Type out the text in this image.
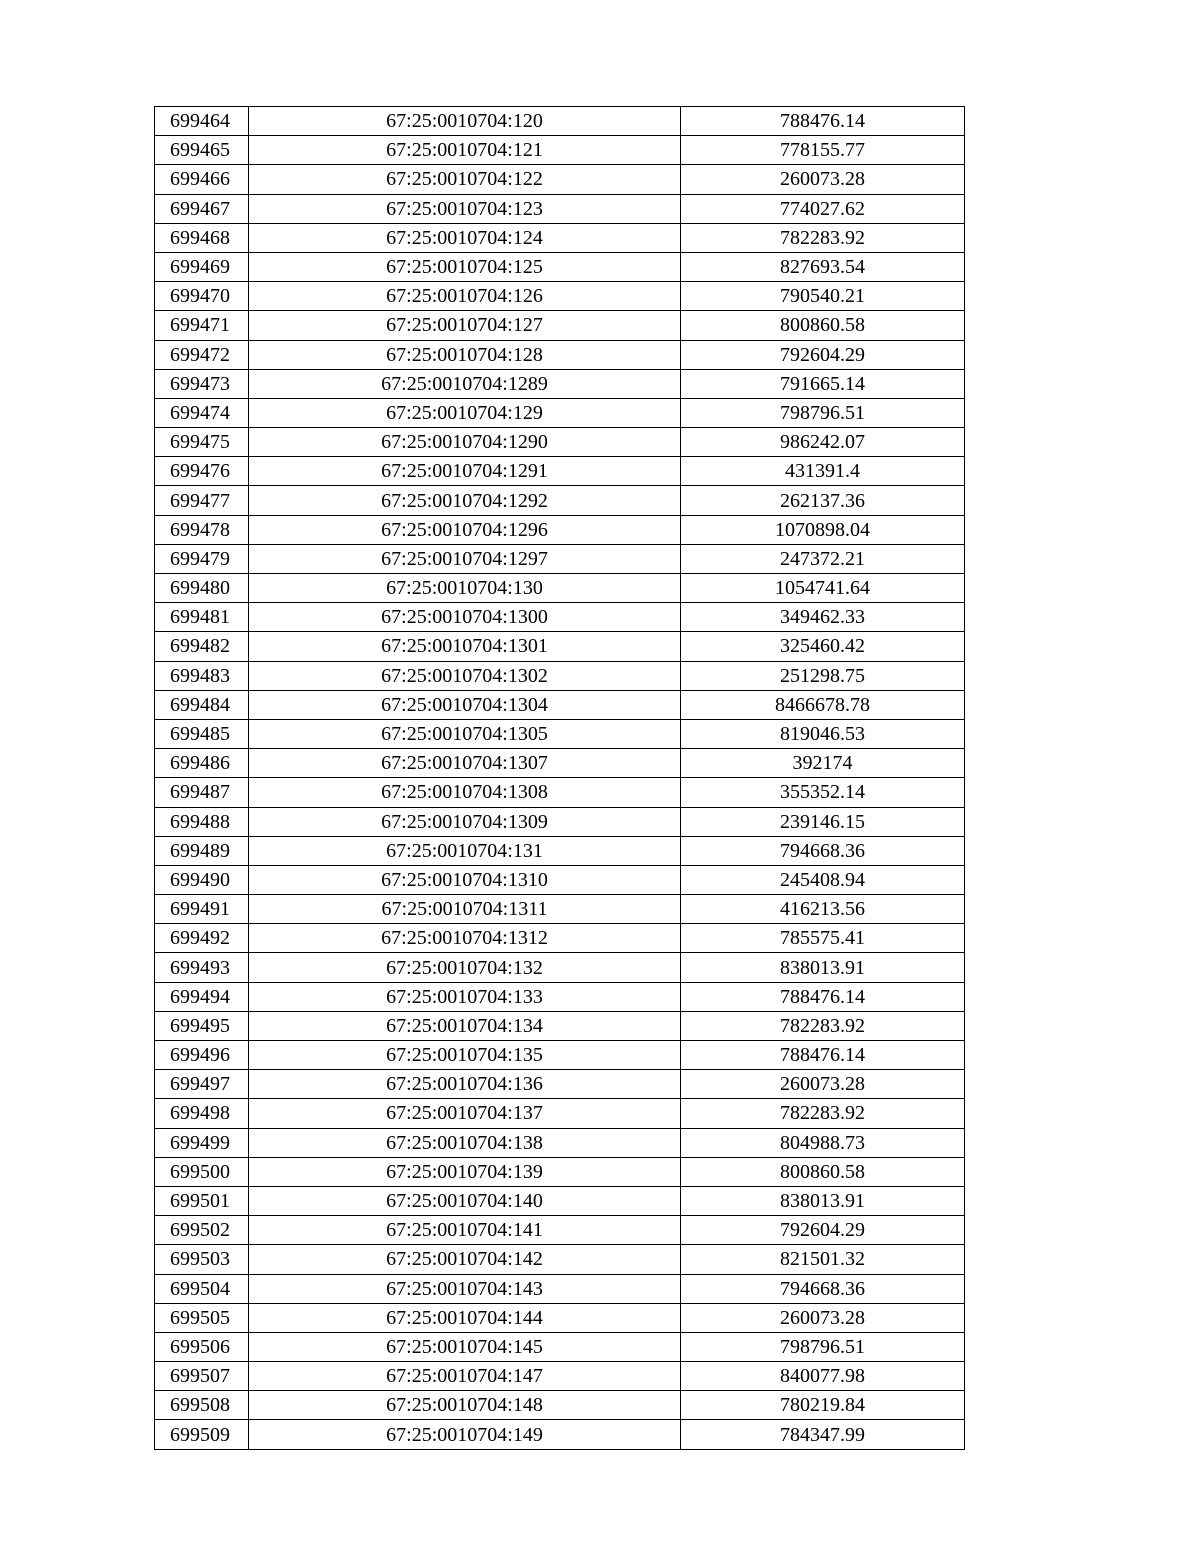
699464	67:25:0010704:120	788476.14
699465	67:25:0010704:121	778155.77
699466	67:25:0010704:122	260073.28
699467	67:25:0010704:123	774027.62
699468	67:25:0010704:124	782283.92
699469	67:25:0010704:125	827693.54
699470	67:25:0010704:126	790540.21
699471	67:25:0010704:127	800860.58
699472	67:25:0010704:128	792604.29
699473	67:25:0010704:1289	791665.14
699474	67:25:0010704:129	798796.51
699475	67:25:0010704:1290	986242.07
699476	67:25:0010704:1291	431391.4
699477	67:25:0010704:1292	262137.36
699478	67:25:0010704:1296	1070898.04
699479	67:25:0010704:1297	247372.21
699480	67:25:0010704:130	1054741.64
699481	67:25:0010704:1300	349462.33
699482	67:25:0010704:1301	325460.42
699483	67:25:0010704:1302	251298.75
699484	67:25:0010704:1304	8466678.78
699485	67:25:0010704:1305	819046.53
699486	67:25:0010704:1307	392174
699487	67:25:0010704:1308	355352.14
699488	67:25:0010704:1309	239146.15
699489	67:25:0010704:131	794668.36
699490	67:25:0010704:1310	245408.94
699491	67:25:0010704:1311	416213.56
699492	67:25:0010704:1312	785575.41
699493	67:25:0010704:132	838013.91
699494	67:25:0010704:133	788476.14
699495	67:25:0010704:134	782283.92
699496	67:25:0010704:135	788476.14
699497	67:25:0010704:136	260073.28
699498	67:25:0010704:137	782283.92
699499	67:25:0010704:138	804988.73
699500	67:25:0010704:139	800860.58
699501	67:25:0010704:140	838013.91
699502	67:25:0010704:141	792604.29
699503	67:25:0010704:142	821501.32
699504	67:25:0010704:143	794668.36
699505	67:25:0010704:144	260073.28
699506	67:25:0010704:145	798796.51
699507	67:25:0010704:147	840077.98
699508	67:25:0010704:148	780219.84
699509	67:25:0010704:149	784347.99
